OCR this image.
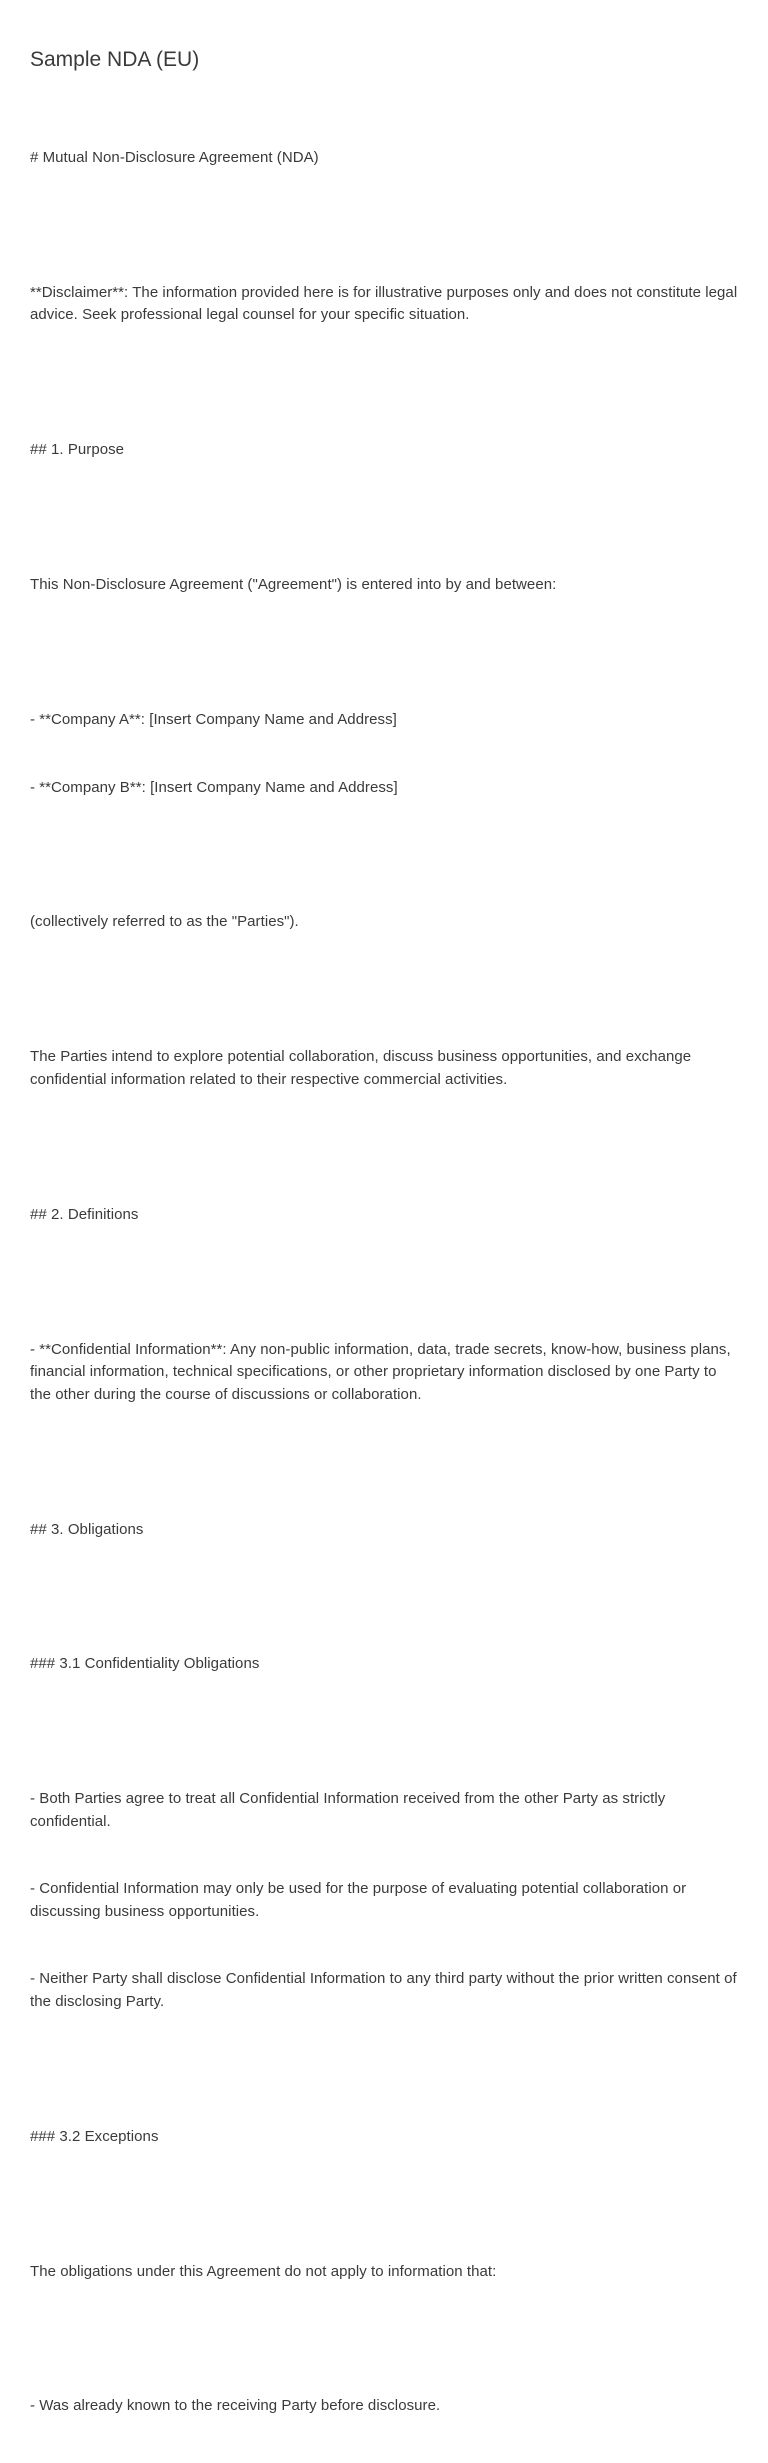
Sample NDA (EU)

# Mutual Non-Disclosure Agreement (NDA)

**Disclaimer**: The information provided here is for illustrative purposes only and does not constitute legal advice. Seek professional legal counsel for your specific situation.

## 1. Purpose

This Non-Disclosure Agreement ("Agreement") is entered into by and between:

- **Company A**: [Insert Company Name and Address]

- **Company B**: [Insert Company Name and Address]

(collectively referred to as the "Parties").

The Parties intend to explore potential collaboration, discuss business opportunities, and exchange confidential information related to their respective commercial activities.

## 2. Definitions

- **Confidential Information**: Any non-public information, data, trade secrets, know-how, business plans, financial information, technical specifications, or other proprietary information disclosed by one Party to the other during the course of discussions or collaboration.

## 3. Obligations

### 3.1 Confidentiality Obligations

- Both Parties agree to treat all Confidential Information received from the other Party as strictly confidential.

- Confidential Information may only be used for the purpose of evaluating potential collaboration or discussing business opportunities.

- Neither Party shall disclose Confidential Information to any third party without the prior written consent of the disclosing Party.

### 3.2 Exceptions

The obligations under this Agreement do not apply to information that:

- Was already known to the receiving Party before disclosure.
